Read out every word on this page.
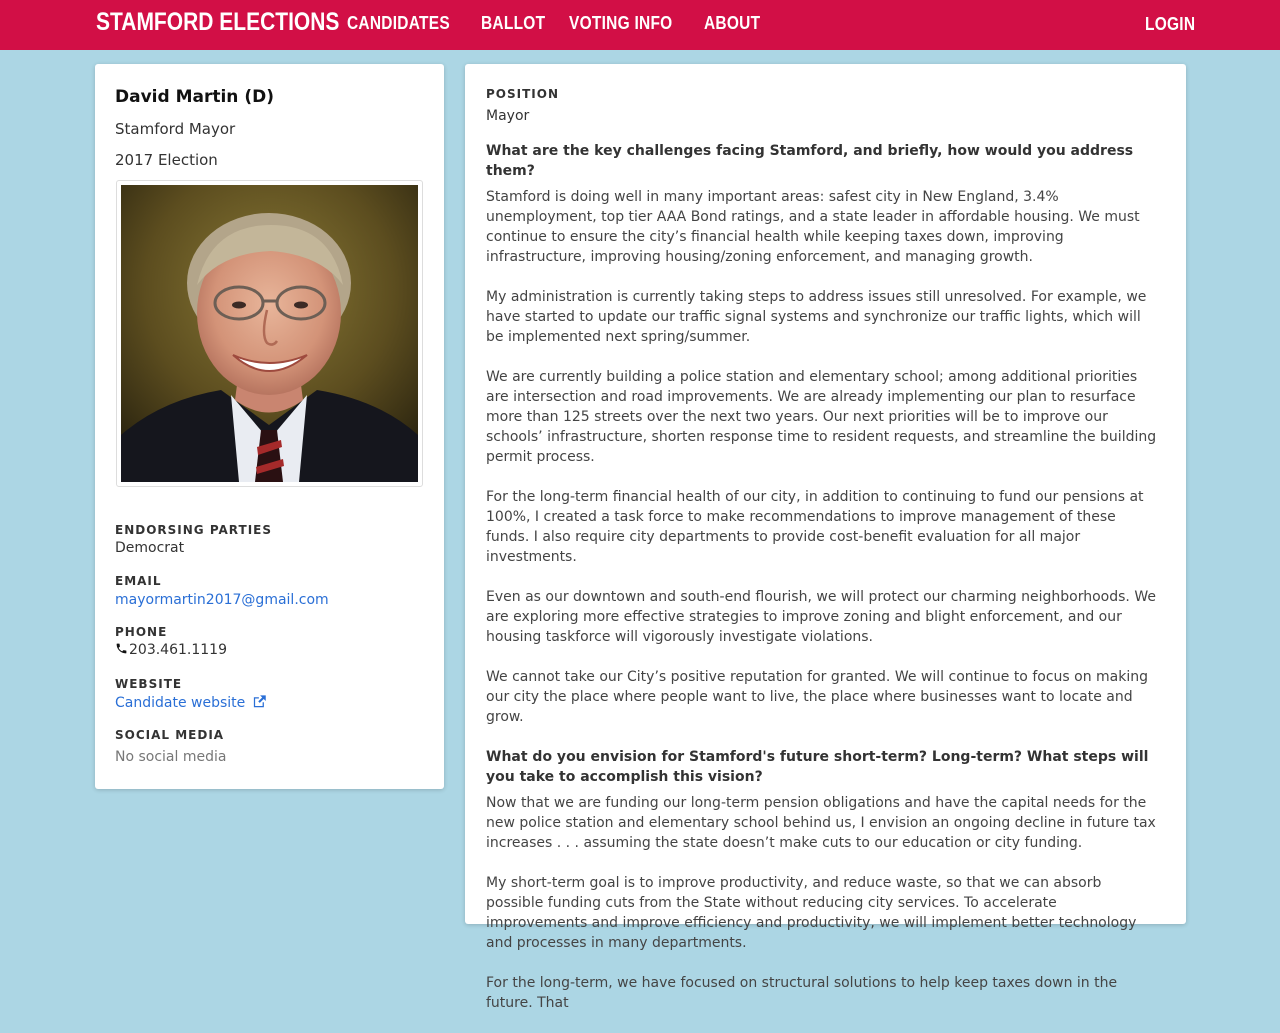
STAMFORD ELECTIONS CANDIDATES BALLOT VOTING INFO ABOUT	LOGIN

David Martin (D)

Stamford Mayor

2017 Election

ENDORSING PARTIES

Democrat

EMAIL

mayormartin2017@gmail.com

PHONE

203.461.1119

WEBSITE

Candidate website

SOCIAL MEDIA

No social media

POSITION

Mayor

What are the key challenges facing Stamford, and briefly, how would you address them?

Stamford is doing well in many important areas: safest city in New England, 3.4% unemployment, top tier AAA Bond ratings, and a state leader in affordable housing. We must continue to ensure the city’s financial health while keeping taxes down, improving infrastructure, improving housing/zoning enforcement, and managing growth.

My administration is currently taking steps to address issues still unresolved. For example, we have started to update our traffic signal systems and synchronize our traffic lights, which will be implemented next spring/summer.

We are currently building a police station and elementary school; among additional priorities are intersection and road improvements. We are already implementing our plan to resurface more than 125 streets over the next two years. Our next priorities will be to improve our schools’ infrastructure, shorten response time to resident requests, and streamline the building permit process.

For the long-term financial health of our city, in addition to continuing to fund our pensions at 100%, I created a task force to make recommendations to improve management of these funds. I also require city departments to provide cost-benefit evaluation for all major investments.

Even as our downtown and south-end flourish, we will protect our charming neighborhoods. We are exploring more effective strategies to improve zoning and blight enforcement, and our housing taskforce will vigorously investigate violations.

We cannot take our City’s positive reputation for granted. We will continue to focus on making our city the place where people want to live, the place where businesses want to locate and grow.

What do you envision for Stamford's future short-term? Long-term? What steps will you take to accomplish this vision?

Now that we are funding our long-term pension obligations and have the capital needs for the new police station and elementary school behind us, I envision an ongoing decline in future tax increases . . . assuming the state doesn’t make cuts to our education or city funding.

My short-term goal is to improve productivity, and reduce waste, so that we can absorb possible funding cuts from the State without reducing city services. To accelerate improvements and improve efficiency and productivity, we will implement better technology and processes in many departments.

For the long-term, we have focused on structural solutions to help keep taxes down in the future. That
